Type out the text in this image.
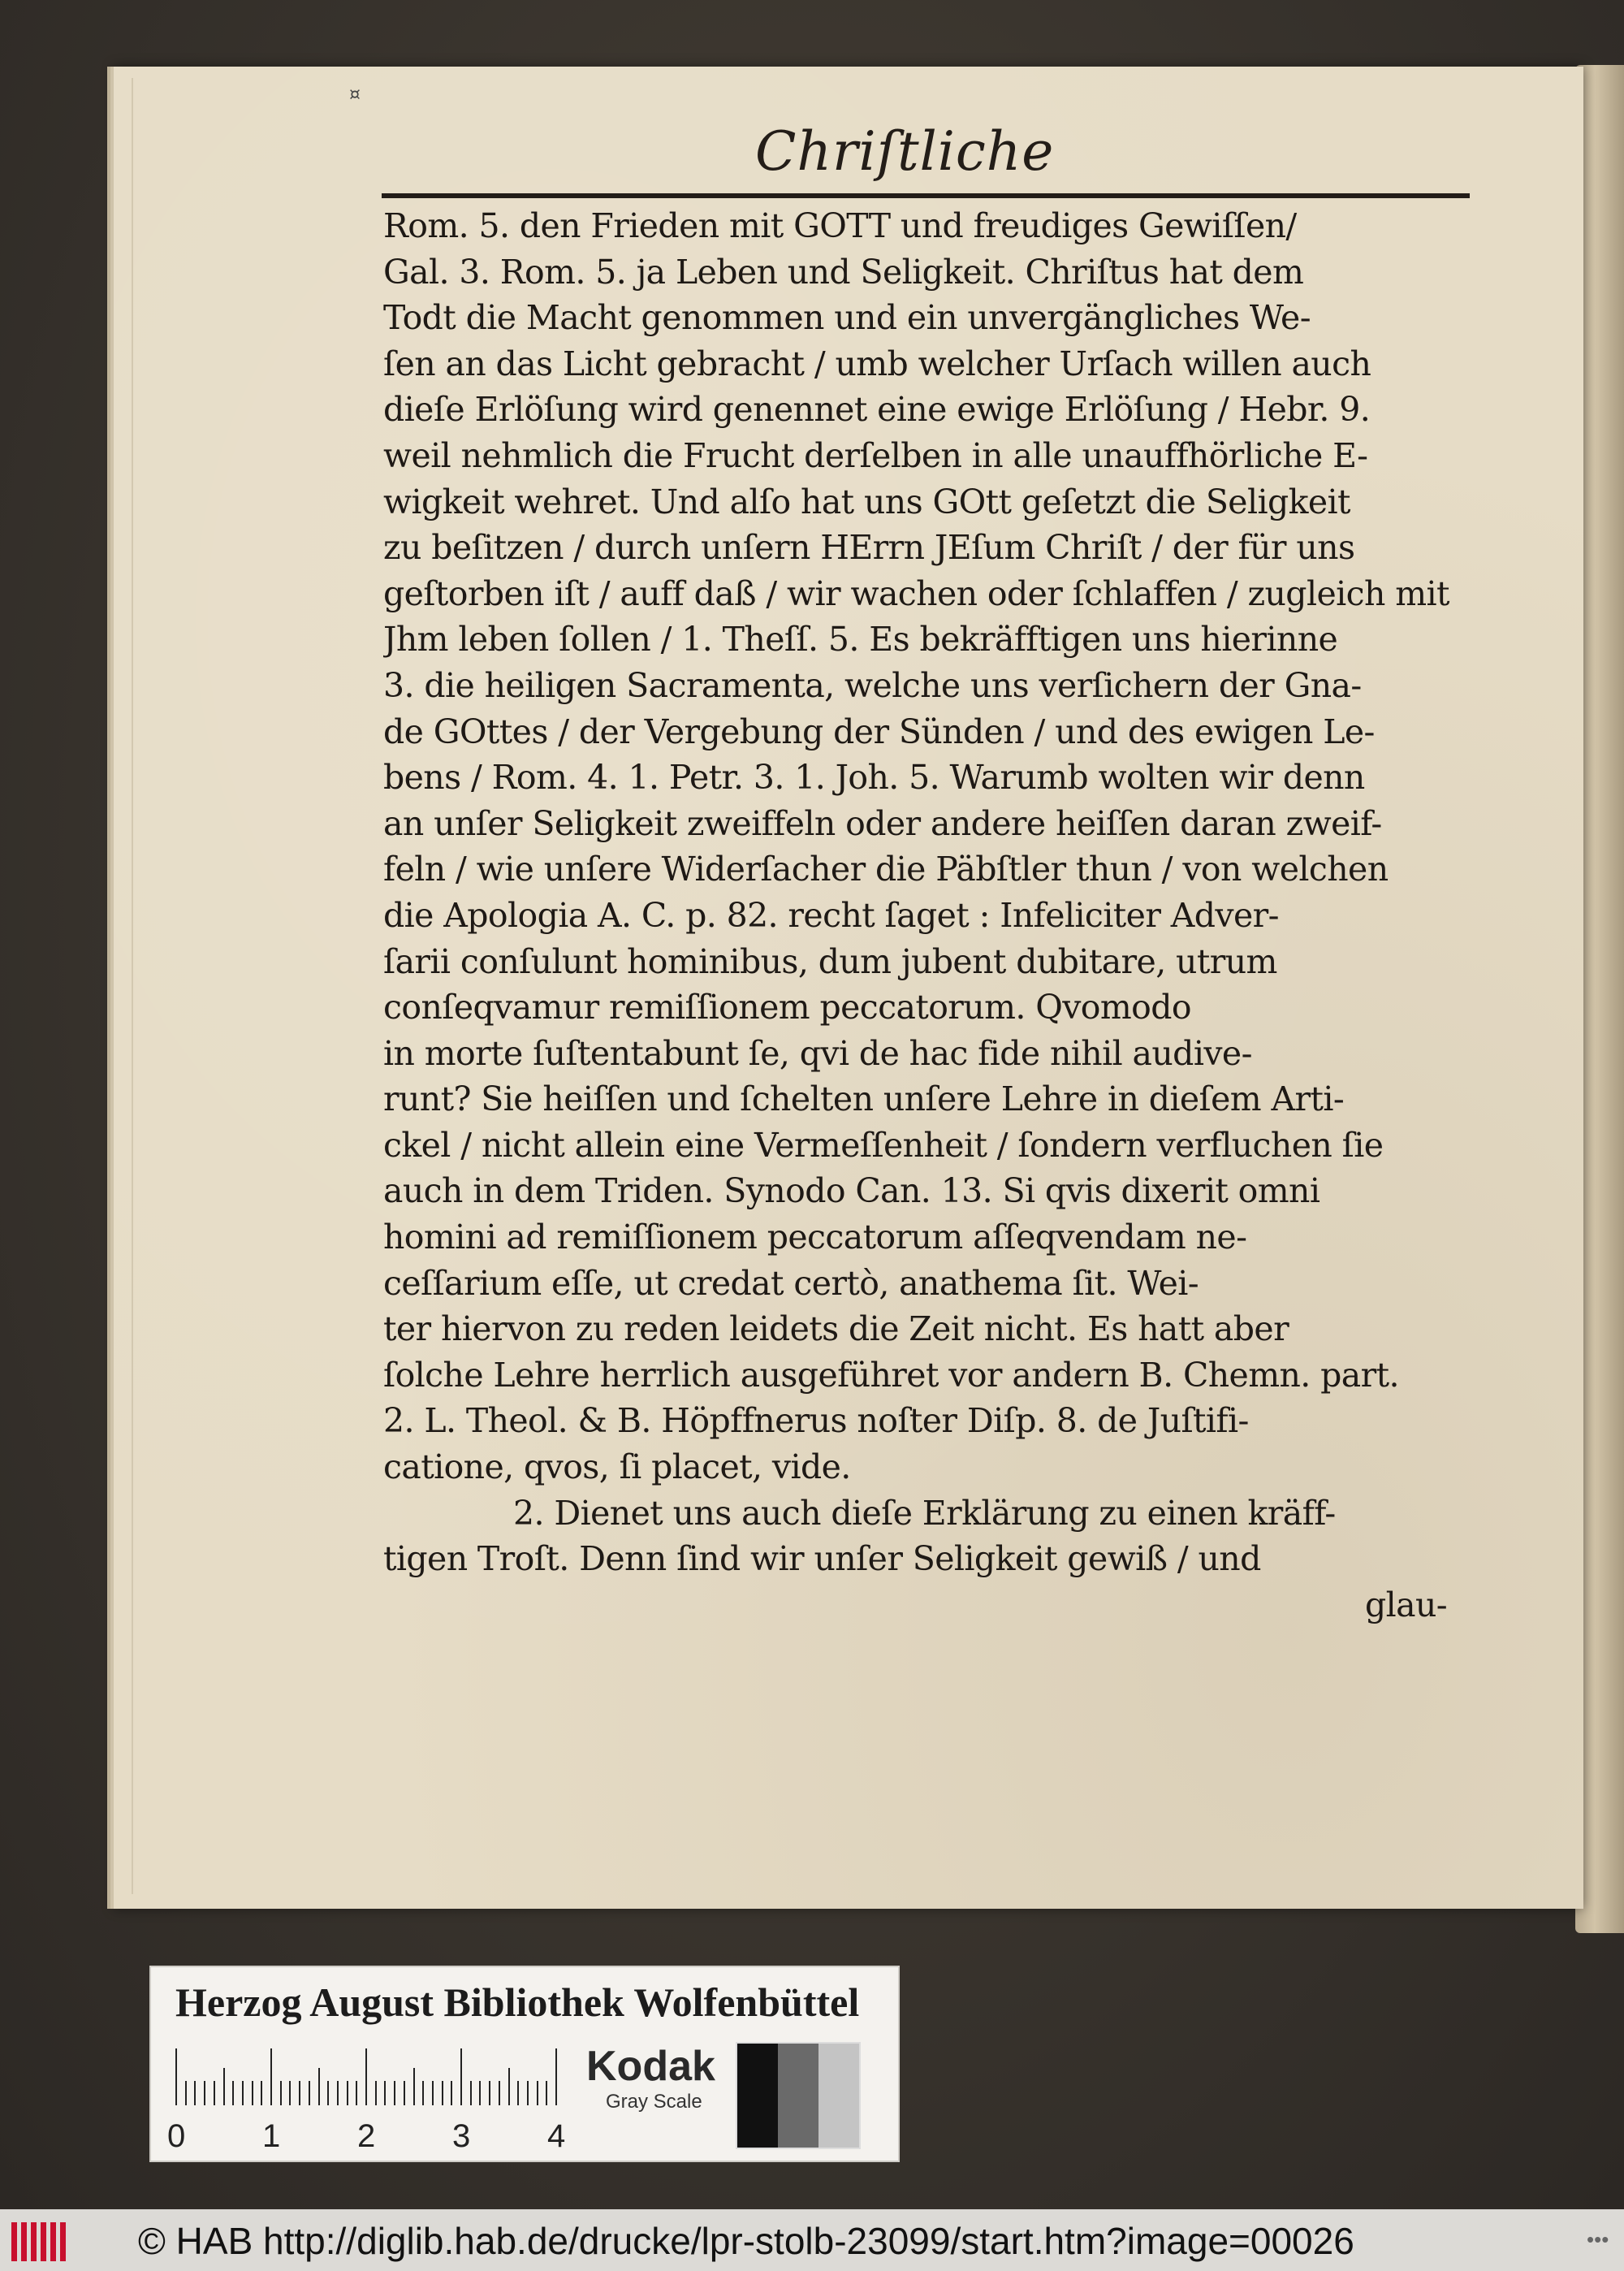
¤
Chriſtliche
Rom. 5. den Frieden mit GOTT und freudiges Gewiſſen/
Gal. 3. Rom. 5. ja Leben und Seligkeit. Chriſtus hat dem
Todt die Macht genommen und ein unvergängliches We-
ſen an das Licht gebracht / umb welcher Urſach willen auch
dieſe Erlöſung wird genennet eine ewige Erlöſung / Hebr. 9.
weil nehmlich die Frucht derſelben in alle unauffhörliche E-
wigkeit wehret. Und alſo hat uns GOtt geſetzt die Seligkeit
zu beſitzen / durch unſern HErrn JEſum Chriſt / der für uns
geſtorben iſt / auff daß / wir wachen oder ſchlaffen / zugleich mit
Jhm leben ſollen / 1. Theſſ. 5. Es bekräfftigen uns hierinne
3. die heiligen Sacramenta, welche uns verſichern der Gna-
de GOttes / der Vergebung der Sünden / und des ewigen Le-
bens / Rom. 4. 1. Petr. 3. 1. Joh. 5. Warumb wolten wir denn
an unſer Seligkeit zweiffeln oder andere heiſſen daran zweif-
feln / wie unſere Widerſacher die Päbſtler thun / von welchen
die Apologia A. C. p. 82. recht ſaget : Infeliciter Adver-
ſarii conſulunt hominibus, dum jubent dubitare, utrum
conſeqvamur remiſſionem peccatorum. Qvomodo
in morte ſuſtentabunt ſe, qvi de hac fide nihil audive-
runt? Sie heiſſen und ſchelten unſere Lehre in dieſem Arti-
ckel / nicht allein eine Vermeſſenheit / ſondern verfluchen ſie
auch in dem Triden. Synodo Can. 13. Si qvis dixerit omni
homini ad remiſſionem peccatorum aſſeqvendam ne-
ceſſarium eſſe, ut credat certò, anathema ſit. Wei-
ter hiervon zu reden leidets die Zeit nicht. Es hatt aber
ſolche Lehre herrlich ausgeführet vor andern B. Chemn. part.
2. L. Theol. & B. Höpffnerus noſter Diſp. 8. de Juſtifi-
catione, qvos, ſi placet, vide.
2. Dienet uns auch dieſe Erklärung zu einen kräff-
tigen Troſt. Denn ſind wir unſer Seligkeit gewiß / und
glau-
Herzog August Bibliothek Wolfenbüttel
0 1 2 3 4
Kodak
Gray Scale
© HAB http://diglib.hab.de/drucke/lpr-stolb-23099/start.htm?image=00026	•••
